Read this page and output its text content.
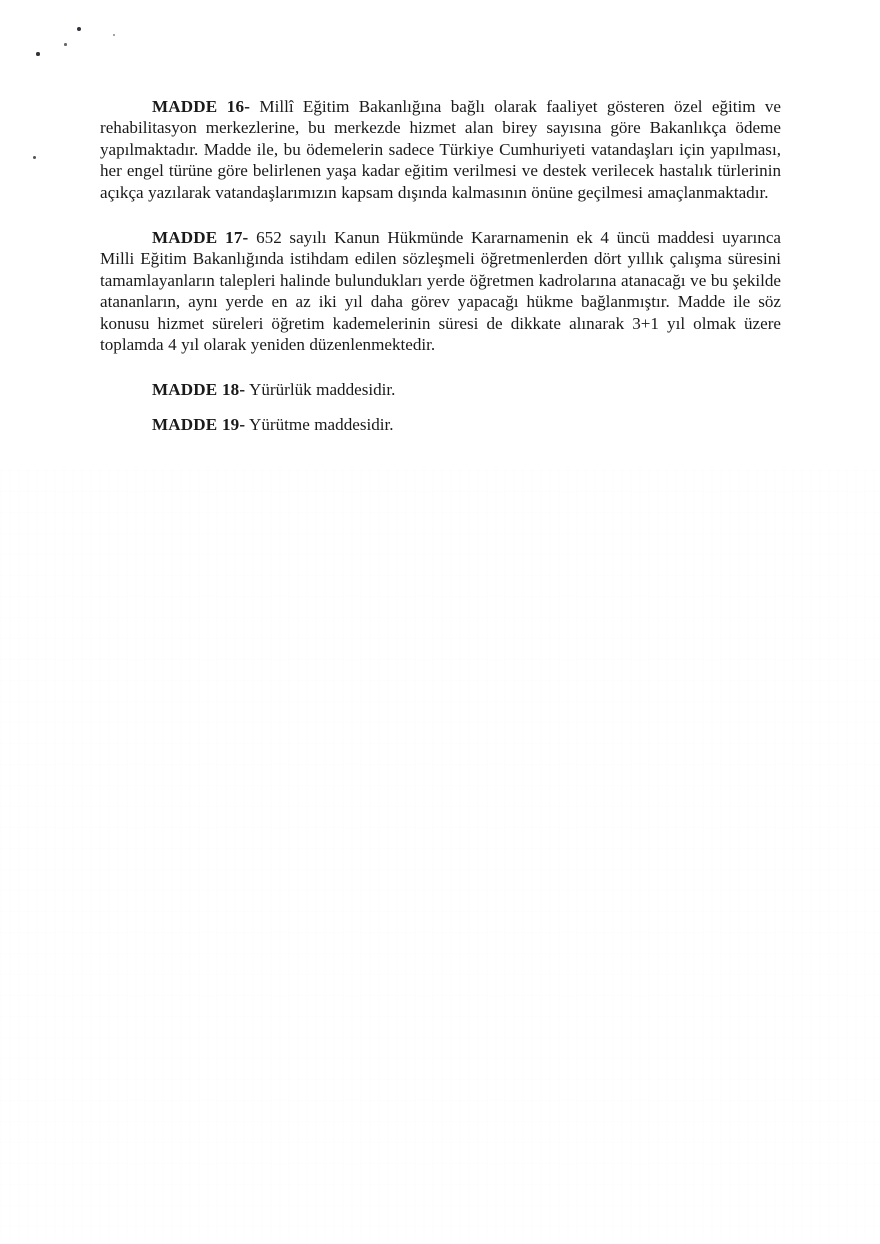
MADDE 16- Millî Eğitim Bakanlığına bağlı olarak faaliyet gösteren özel eğitim ve rehabilitasyon merkezlerine, bu merkezde hizmet alan birey sayısına göre Bakanlıkça ödeme yapılmaktadır. Madde ile, bu ödemelerin sadece Türkiye Cumhuriyeti vatandaşları için yapılması, her engel türüne göre belirlenen yaşa kadar eğitim verilmesi ve destek verilecek hastalık türlerinin açıkça yazılarak vatandaşlarımızın kapsam dışında kalmasının önüne geçilmesi amaçlanmaktadır.

MADDE 17- 652 sayılı Kanun Hükmünde Kararnamenin ek 4 üncü maddesi uyarınca Milli Eğitim Bakanlığında istihdam edilen sözleşmeli öğretmenlerden dört yıllık çalışma süresini tamamlayanların talepleri halinde bulundukları yerde öğretmen kadrolarına atanacağı ve bu şekilde atananların, aynı yerde en az iki yıl daha görev yapacağı hükme bağlanmıştır. Madde ile söz konusu hizmet süreleri öğretim kademelerinin süresi de dikkate alınarak 3+1 yıl olmak üzere toplamda 4 yıl olarak yeniden düzenlenmektedir.

MADDE 18- Yürürlük maddesidir.

MADDE 19- Yürütme maddesidir.
